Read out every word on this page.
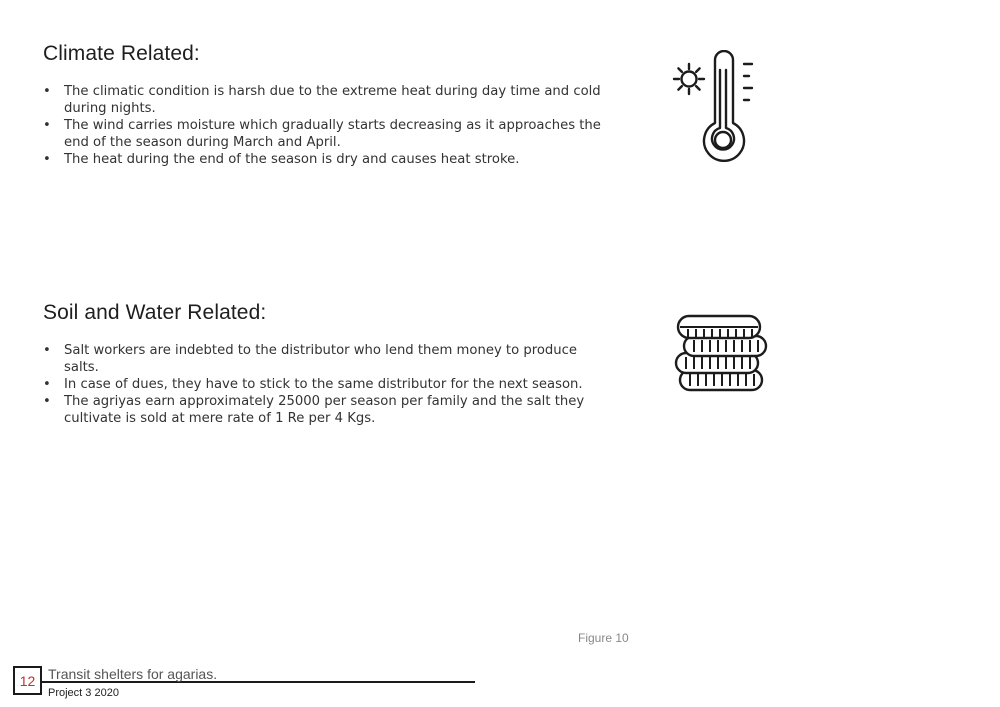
Climate Related:
• The climatic condition is harsh due to the extreme heat during day time and cold during nights.
• The wind carries moisture which gradually starts decreasing as it approaches the end of the season during March and April.
• The heat during the end of the season is dry and causes heat stroke.
Soil and Water Related:
• Salt workers are indebted to the distributor who lend them money to produce salts.
• In case of dues, they have to stick to the same distributor for the next season.
• The agriyas earn approximately 25000 per season per family and the salt they cultivate is sold at mere rate of 1 Re per 4 Kgs.
Figure 10
12 Transit shelters for agarias.
Project 3 2020
